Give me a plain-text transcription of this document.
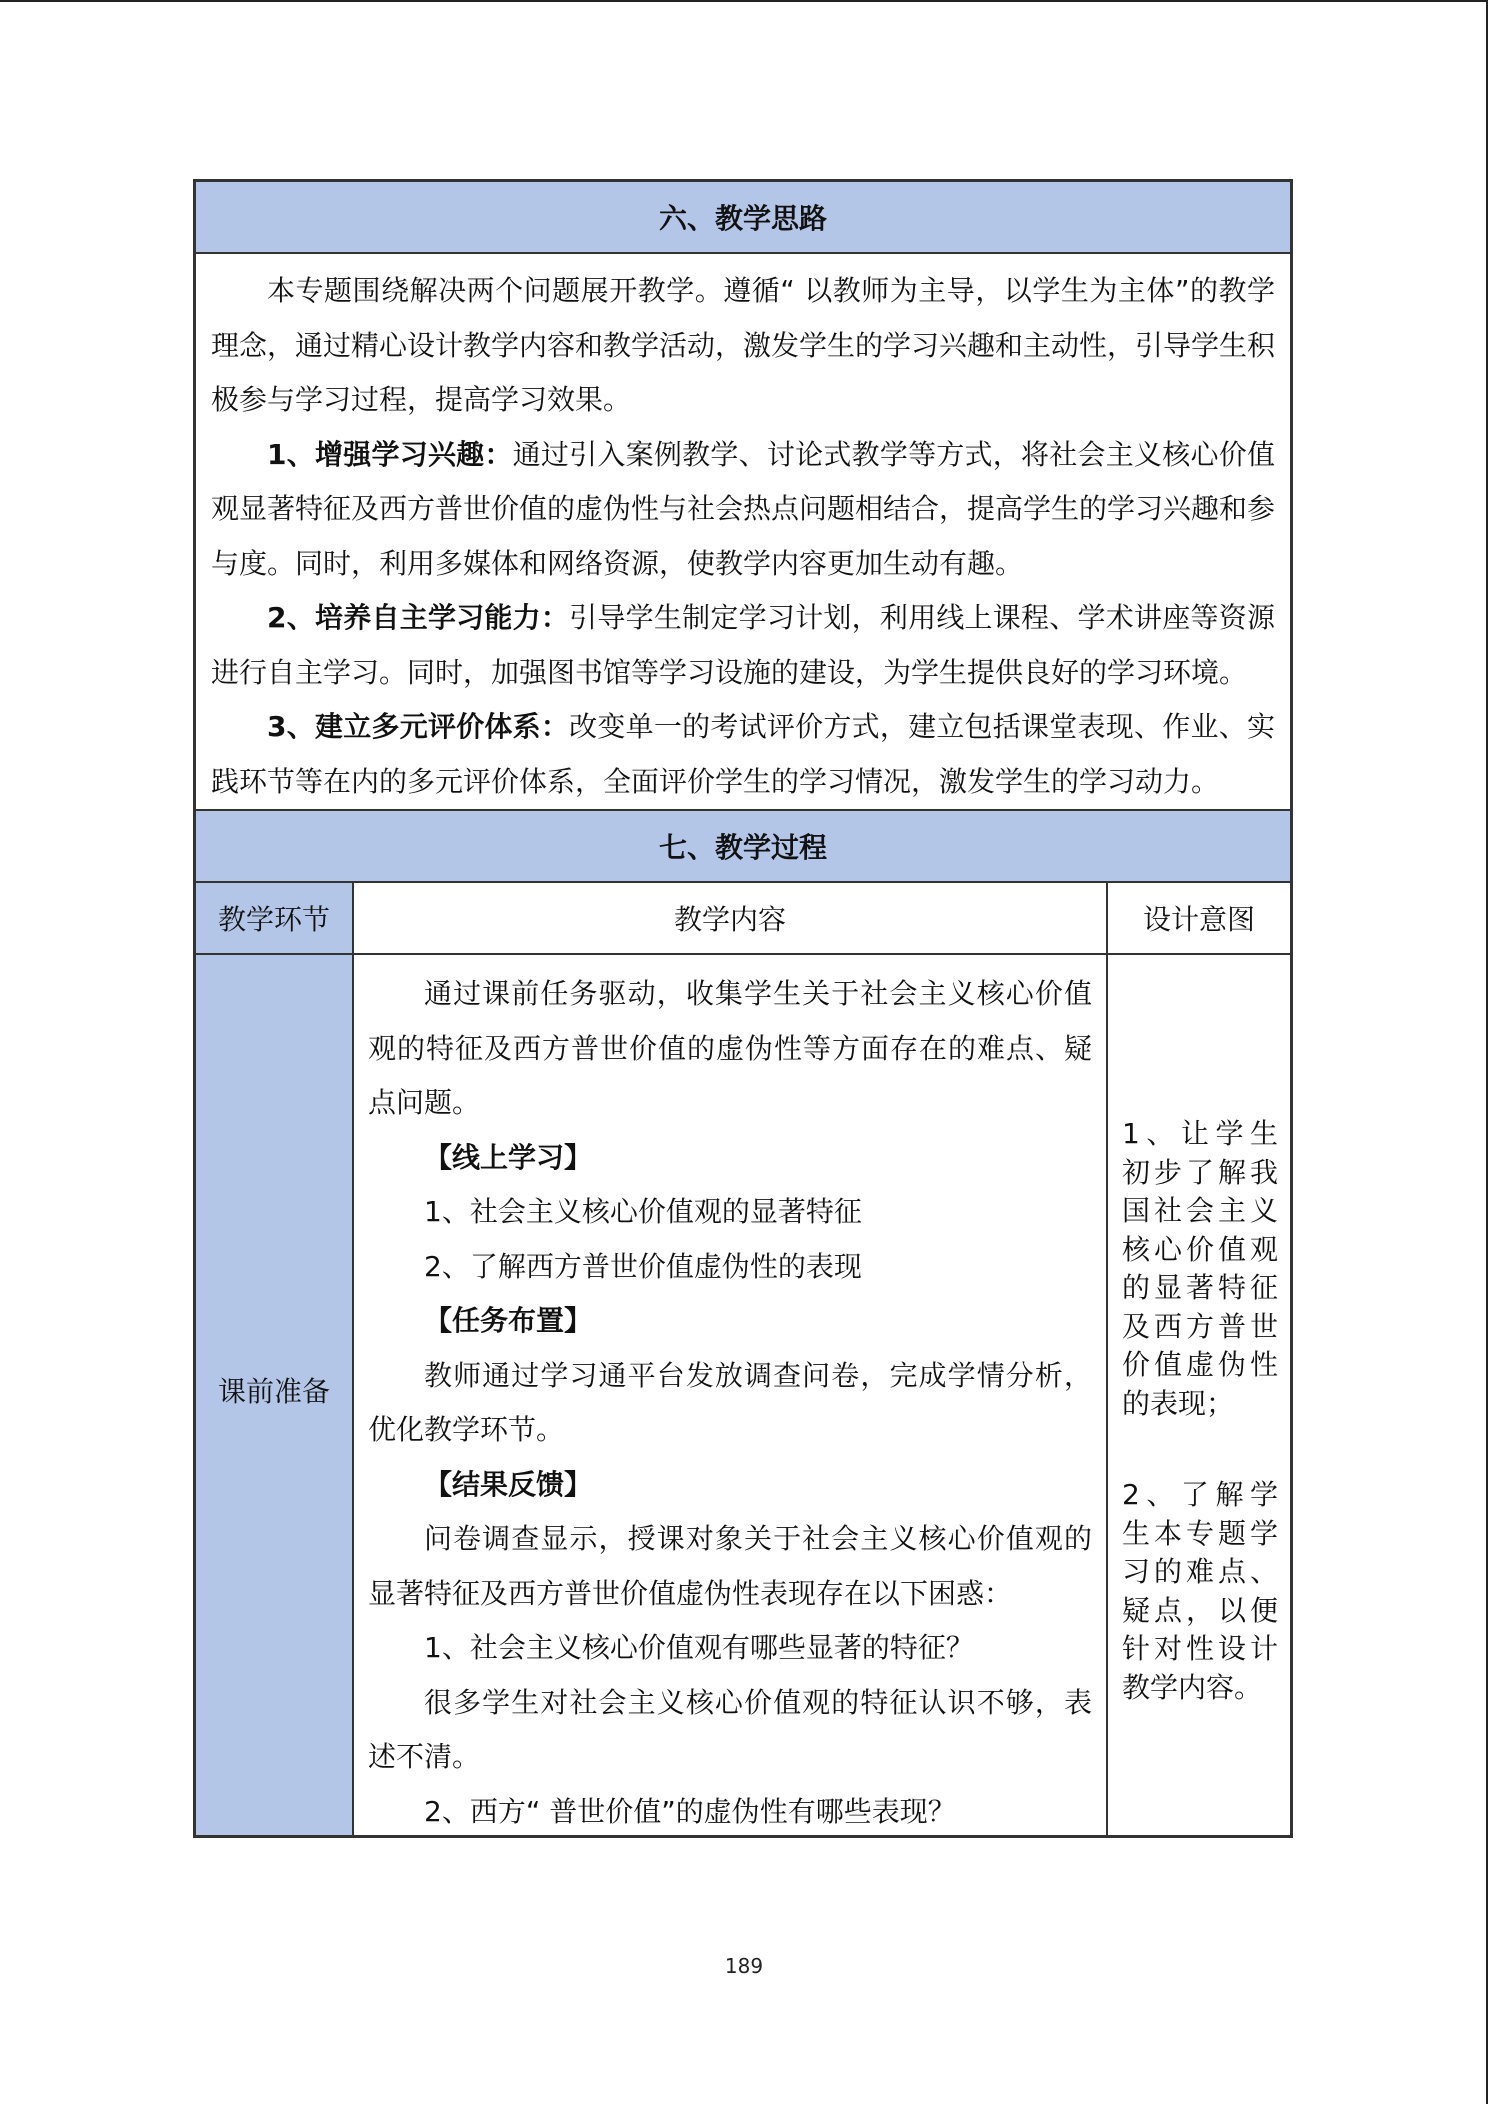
六、教学思路

本专题围绕解决两个问题展开教学。遵循“ 以教师为主导，以学生为主体”的教学理念，通过精心设计教学内容和教学活动，激发学生的学习兴趣和主动性，引导学生积极参与学习过程，提高学习效果。

1、增强学习兴趣：通过引入案例教学、讨论式教学等方式，将社会主义核心价值观显著特征及西方普世价值的虚伪性与社会热点问题相结合，提高学生的学习兴趣和参与度。同时，利用多媒体和网络资源，使教学内容更加生动有趣。

2、培养自主学习能力：引导学生制定学习计划，利用线上课程、学术讲座等资源进行自主学习。同时，加强图书馆等学习设施的建设，为学生提供良好的学习环境。

3、建立多元评价体系：改变单一的考试评价方式，建立包括课堂表现、作业、实践环节等在内的多元评价体系，全面评价学生的学习情况，激发学生的学习动力。

七、教学过程
教学环节	教学内容	设计意图
课前准备

通过课前任务驱动，收集学生关于社会主义核心价值观的特征及西方普世价值的虚伪性等方面存在的难点、疑点问题。

【线上学习】

1、社会主义核心价值观的显著特征

2、了解西方普世价值虚伪性的表现

【任务布置】

教师通过学习通平台发放调查问卷，完成学情分析，优化教学环节。

【结果反馈】

问卷调查显示，授课对象关于社会主义核心价值观的显著特征及西方普世价值虚伪性表现存在以下困惑：

1、社会主义核心价值观有哪些显著的特征？

很多学生对社会主义核心价值观的特征认识不够，表述不清。

2、西方“ 普世价值”的虚伪性有哪些表现？

1、让学生初步了解我国社会主义核心价值观的显著特征及西方普世价值虚伪性的表现；

2、了解学生本专题学习的难点、疑点，以便针对性设计教学内容。

189
